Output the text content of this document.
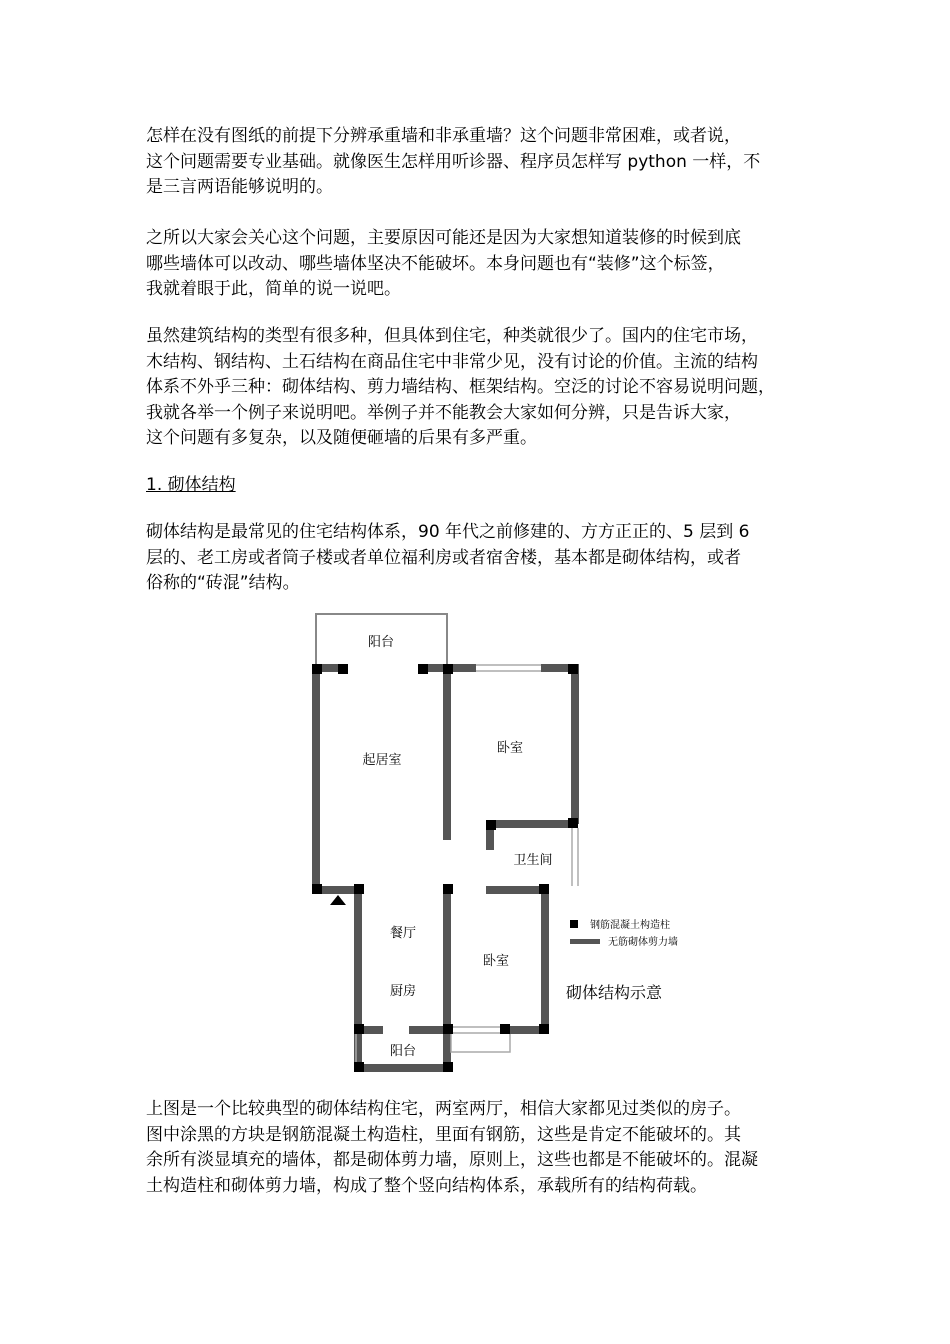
怎样在没有图纸的前提下分辨承重墙和非承重墙？这个问题非常困难，或者说，
这个问题需要专业基础。就像医生怎样用听诊器、程序员怎样写 python 一样，不
是三言两语能够说明的。

之所以大家会关心这个问题，主要原因可能还是因为大家想知道装修的时候到底
哪些墙体可以改动、哪些墙体坚决不能破坏。本身问题也有“装修”这个标签，
我就着眼于此，简单的说一说吧。

虽然建筑结构的类型有很多种，但具体到住宅，种类就很少了。国内的住宅市场，
木结构、钢结构、土石结构在商品住宅中非常少见，没有讨论的价值。主流的结构
体系不外乎三种：砌体结构、剪力墙结构、框架结构。空泛的讨论不容易说明问题，
我就各举一个例子来说明吧。举例子并不能教会大家如何分辨，只是告诉大家，
这个问题有多复杂，以及随便砸墙的后果有多严重。

1. 砌体结构

砌体结构是最常见的住宅结构体系，90 年代之前修建的、方方正正的、5 层到 6
层的、老工房或者筒子楼或者单位福利房或者宿舍楼，基本都是砌体结构，或者
俗称的“砖混”结构。

阳台
起居室
卧室
卫生间
餐厅
厨房
卧室
阳台
钢筋混凝土构造柱
无筋砌体剪力墙
砌体结构示意

上图是一个比较典型的砌体结构住宅，两室两厅，相信大家都见过类似的房子。
图中涂黑的方块是钢筋混凝土构造柱，里面有钢筋，这些是肯定不能破坏的。其
余所有淡显填充的墙体，都是砌体剪力墙，原则上，这些也都是不能破坏的。混凝
土构造柱和砌体剪力墙，构成了整个竖向结构体系，承载所有的结构荷载。
